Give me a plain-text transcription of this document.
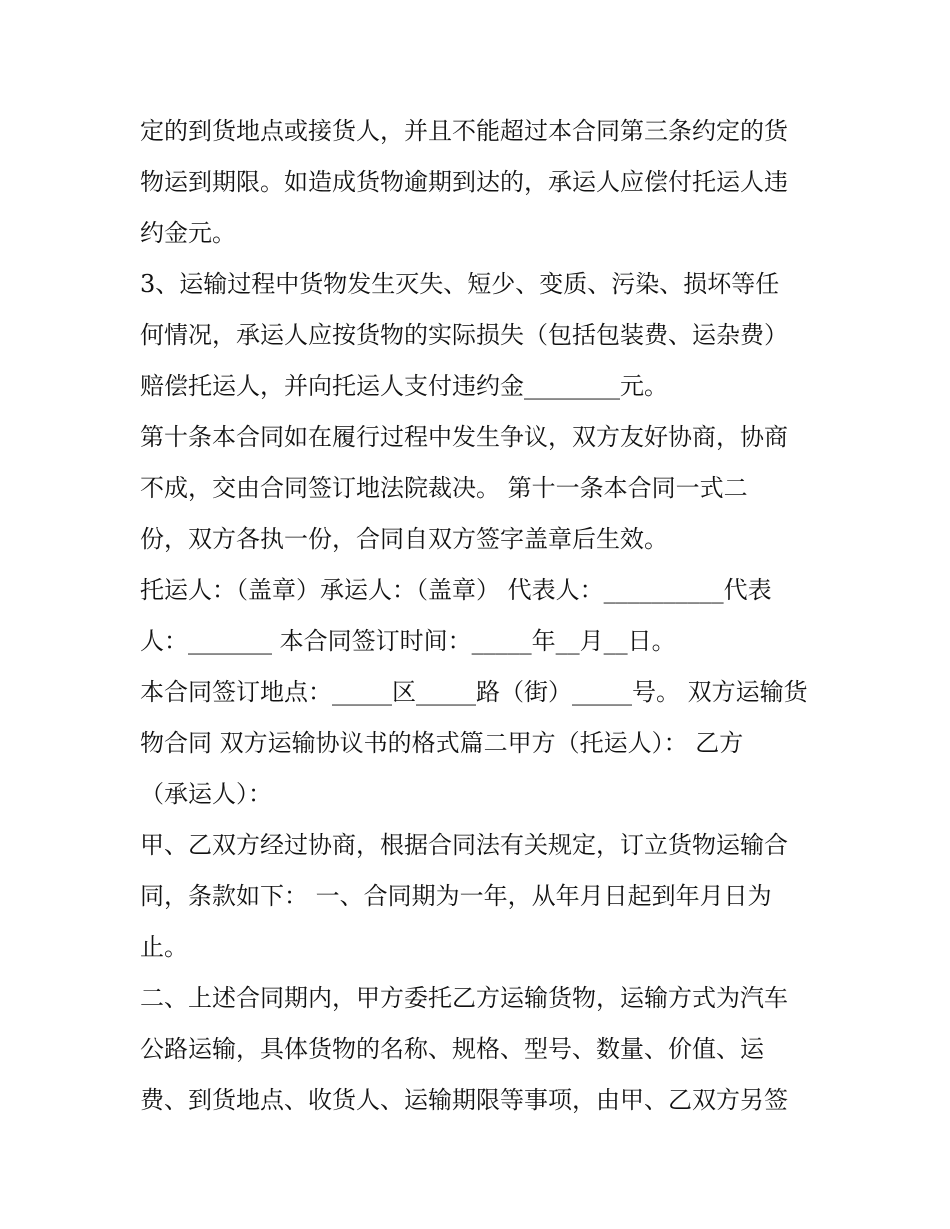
定的到货地点或接货人，并且不能超过本合同第三条约定的货
物运到期限。如造成货物逾期到达的，承运人应偿付托运人违
约金元。
3、运输过程中货物发生灭失、短少、变质、污染、损坏等任
何情况，承运人应按货物的实际损失（包括包装费、运杂费）
赔偿托运人，并向托运人支付违约金________元。
第十条本合同如在履行过程中发生争议，双方友好协商，协商
不成，交由合同签订地法院裁决。 第十一条本合同一式二
份，双方各执一份，合同自双方签字盖章后生效。
托运人：（盖章）承运人：（盖章） 代表人：__________代表
人：_______ 本合同签订时间：_____年__月__日。
本合同签订地点：_____区_____路（街）_____号。 双方运输货
物合同 双方运输协议书的格式篇二甲方（托运人）： 乙方
（承运人）：
甲、乙双方经过协商，根据合同法有关规定，订立货物运输合
同，条款如下： 一、合同期为一年，从年月日起到年月日为
止。
二、上述合同期内，甲方委托乙方运输货物，运输方式为汽车
公路运输，具体货物的名称、规格、型号、数量、价值、运
费、到货地点、收货人、运输期限等事项，由甲、乙双方另签
